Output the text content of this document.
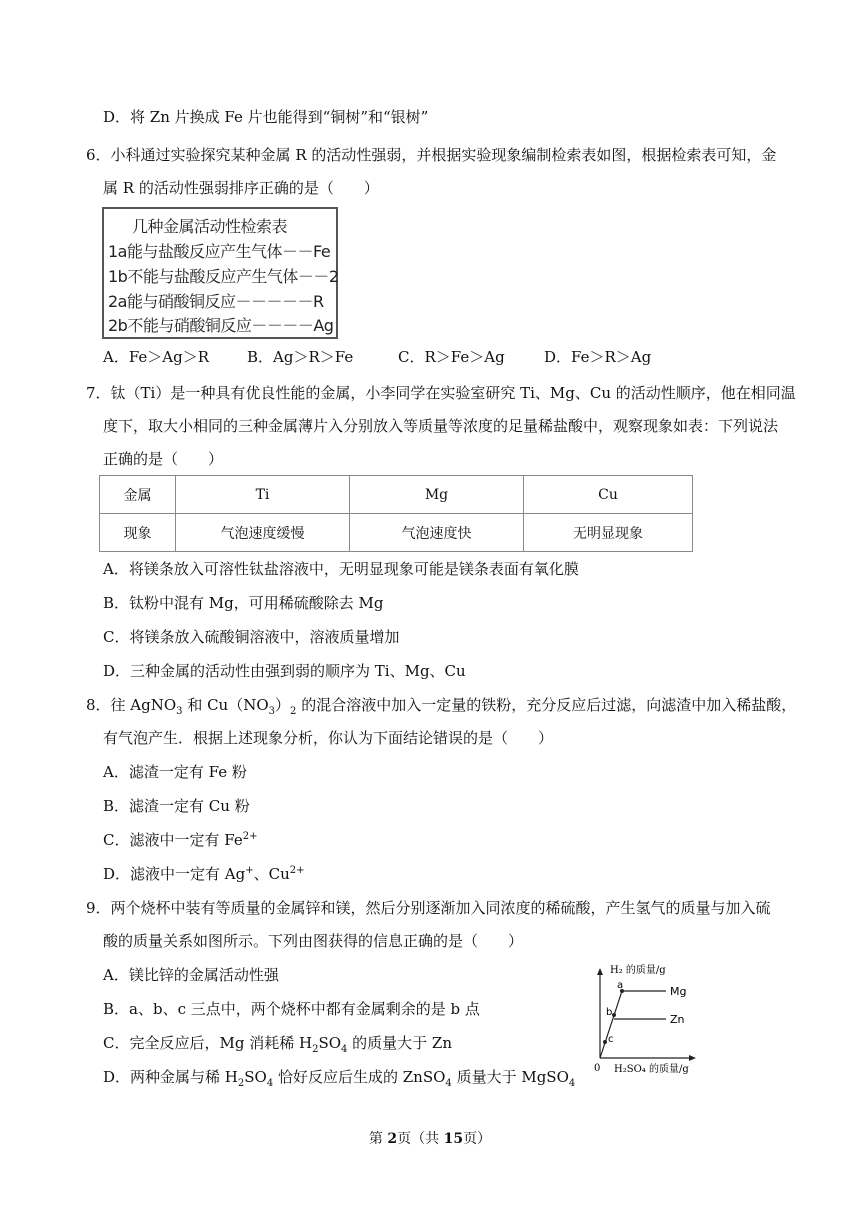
D．将 Zn 片换成 Fe 片也能得到“铜树”和“银树”
6．小科通过实验探究某种金属 R 的活动性强弱，并根据实验现象编制检索表如图，根据检索表可知，金
属 R 的活动性强弱排序正确的是（　　）
几种金属活动性检索表
1a能与盐酸反应产生气体－－Fe
1b不能与盐酸反应产生气体－－2
2a能与硝酸铜反应－－－－－R
2b不能与硝酸铜反应－－－－Ag
A．Fe＞Ag＞R	B．Ag＞R＞Fe	C．R＞Fe＞Ag	D．Fe＞R＞Ag
7．钛（Ti）是一种具有优良性能的金属，小李同学在实验室研究 Ti、Mg、Cu 的活动性顺序，他在相同温
度下，取大小相同的三种金属薄片入分别放入等质量等浓度的足量稀盐酸中，观察现象如表：下列说法
正确的是（　　）
金属	Ti	Mg	Cu
现象	气泡速度缓慢	气泡速度快	无明显现象
A．将镁条放入可溶性钛盐溶液中，无明显现象可能是镁条表面有氧化膜
B．钛粉中混有 Mg，可用稀硫酸除去 Mg
C．将镁条放入硫酸铜溶液中，溶液质量增加
D．三种金属的活动性由强到弱的顺序为 Ti、Mg、Cu
8．往 AgNO$_3$ 和 $Cu(NO_3)_2$ 的混合溶液中加入一定量的铁粉，充分反应后过滤，向滤渣中加入稀盐酸，
有气泡产生．根据上述现象分析，你认为下面结论错误的是（　　）
A．滤渣一定有 Fe 粉
B．滤渣一定有 Cu 粉
C．滤液中一定有 $Fe^{2+}$
D．滤液中一定有 Ag+、$Cu^{2+}$
9．两个烧杯中装有等质量的金属锌和镁，然后分别逐渐加入同浓度的稀硫酸，产生氢气的质量与加入硫
酸的质量关系如图所示。下列由图获得的信息正确的是（　　）
A．镁比锌的金属活动性强
B．a、b、c 三点中，两个烧杯中都有金属剩余的是 b 点
C．完全反应后，Mg 消耗稀 $H_2SO_4$ 的质量大于 Zn
D．两种金属与稀 $H_2SO_4$ 恰好反应后生成的 ZnSO$_4$ 质量大于 MgSO$_4$
H₂ 的质量/g
H₂SO₄ 的质量/g
0
a
b
c
Mg
Zn
第 2页（共 15页）
